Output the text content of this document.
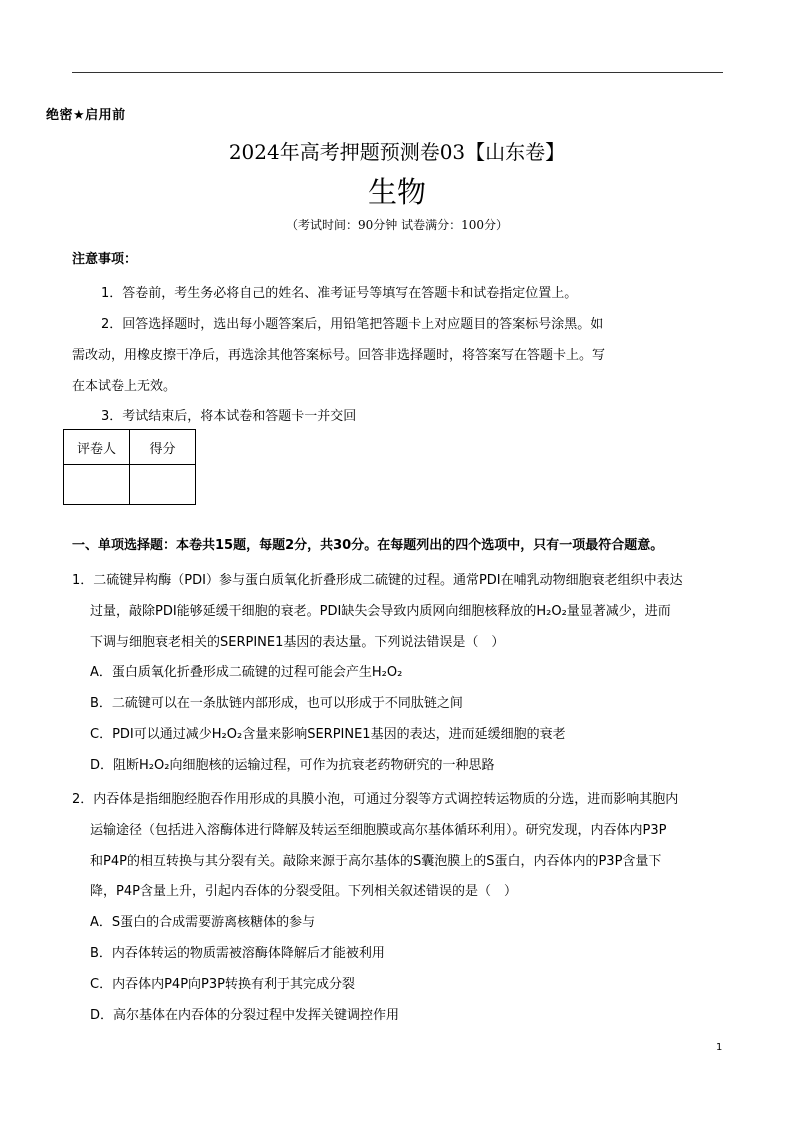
绝密★启用前
2024年高考押题预测卷03【山东卷】
生物
（考试时间：90分钟 试卷满分：100分）
注意事项：
1．答卷前，考生务必将自己的姓名、准考证号等填写在答题卡和试卷指定位置上。
2．回答选择题时，选出每小题答案后，用铅笔把答题卡上对应题目的答案标号涂黑。如
需改动，用橡皮擦干净后，再选涂其他答案标号。回答非选择题时，将答案写在答题卡上。写
在本试卷上无效。
3．考试结束后，将本试卷和答题卡一并交回
评卷人	得分

一、单项选择题：本卷共15题，每题2分，共30分。在每题列出的四个选项中，只有一项最符合题意。
1．二硫键异构酶（PDI）参与蛋白质氧化折叠形成二硫键的过程。通常PDI在哺乳动物细胞衰老组织中表达
过量，敲除PDI能够延缓干细胞的衰老。PDI缺失会导致内质网向细胞核释放的H₂O₂量显著减少，进而
下调与细胞衰老相关的SERPINE1基因的表达量。下列说法错误是（　）
A．蛋白质氧化折叠形成二硫键的过程可能会产生H₂O₂
B．二硫键可以在一条肽链内部形成，也可以形成于不同肽链之间
C．PDI可以通过减少H₂O₂含量来影响SERPINE1基因的表达，进而延缓细胞的衰老
D．阻断H₂O₂向细胞核的运输过程，可作为抗衰老药物研究的一种思路
2．内吞体是指细胞经胞吞作用形成的具膜小泡，可通过分裂等方式调控转运物质的分选，进而影响其胞内
运输途径（包括进入溶酶体进行降解及转运至细胞膜或高尔基体循环利用）。研究发现，内吞体内P3P
和P4P的相互转换与其分裂有关。敲除来源于高尔基体的S囊泡膜上的S蛋白，内吞体内的P3P含量下
降，P4P含量上升，引起内吞体的分裂受阻。下列相关叙述错误的是（　）
A．S蛋白的合成需要游离核糖体的参与
B．内吞体转运的物质需被溶酶体降解后才能被利用
C．内吞体内P4P向P3P转换有利于其完成分裂
D．高尔基体在内吞体的分裂过程中发挥关键调控作用
1
